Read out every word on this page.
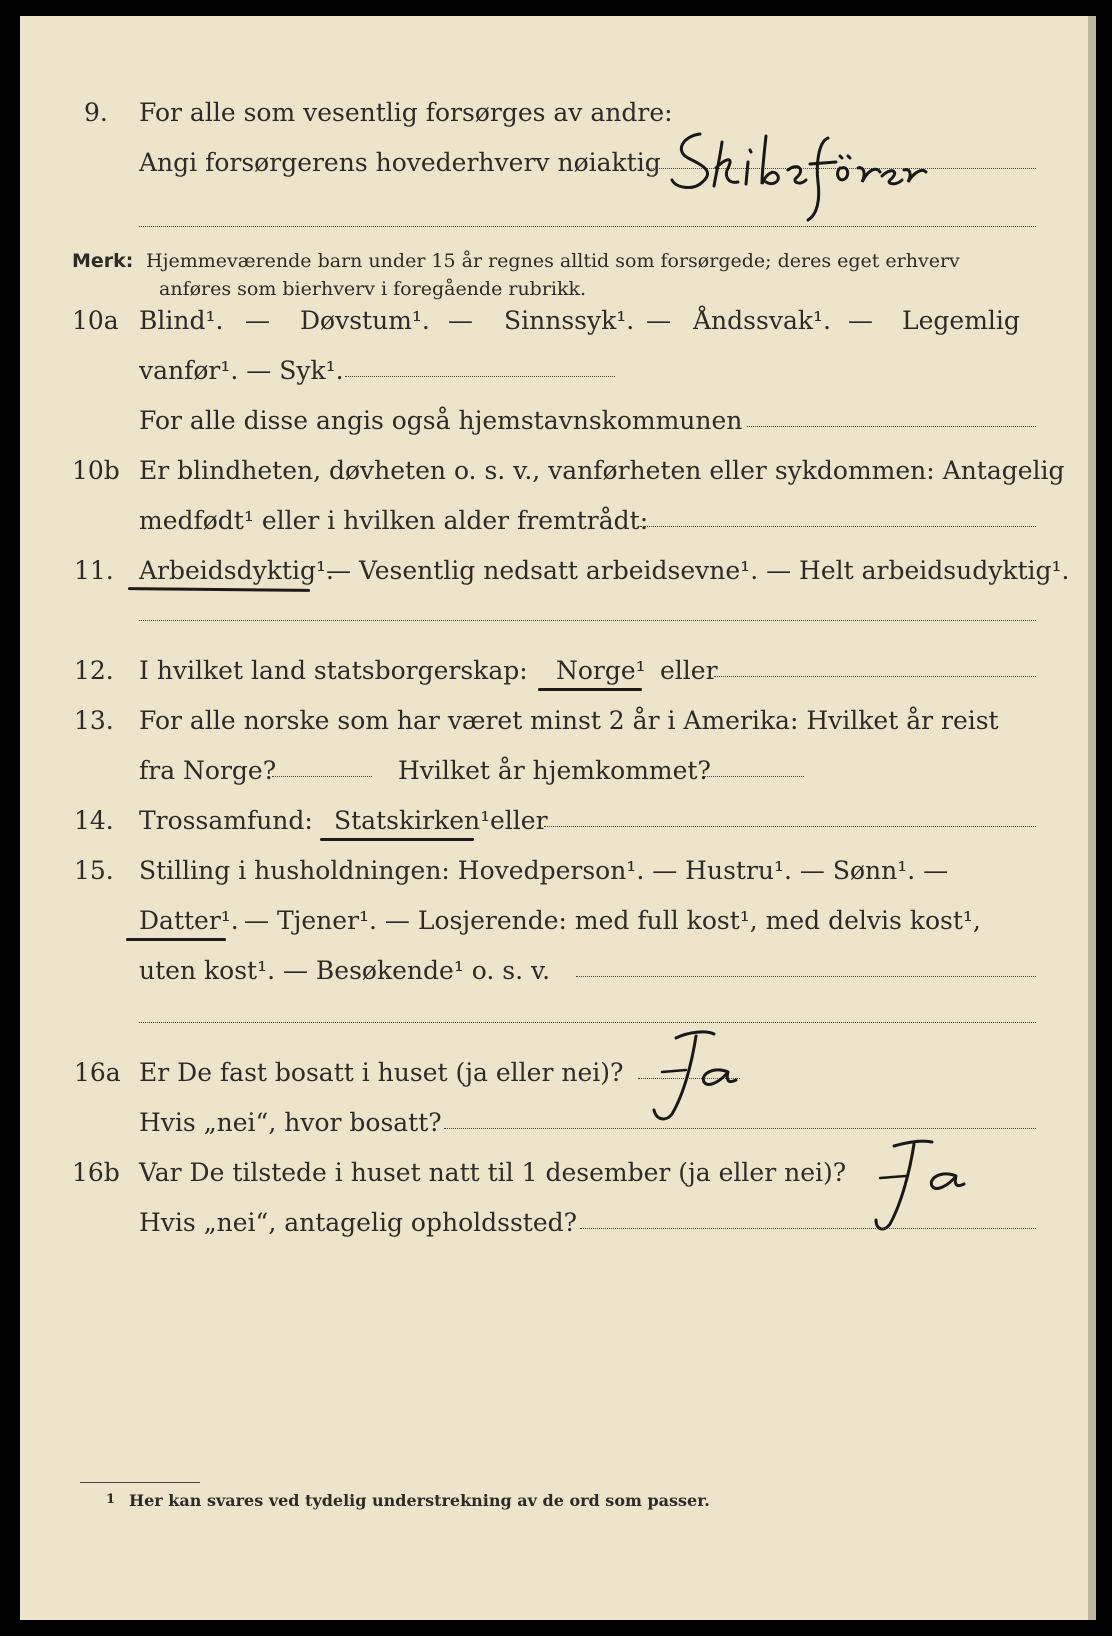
9. For alle som vesentlig forsørges av andre:
Angi forsørgerens hovederhverv nøiaktig
Merk: Hjemmeværende barn under 15 år regnes alltid som forsørgede; deres eget erhverv
anføres som bierhverv i foregående rubrikk.
10a Blind¹. — Døvstum¹. — Sinnssyk¹. — Åndssvak¹. — Legemlig
vanfør¹. — Syk¹.
For alle disse angis også hjemstavnskommunen
10b Er blindheten, døvheten o. s. v., vanførheten eller sykdommen: Antagelig
medfødt¹ eller i hvilken alder fremtrådt:
11. Arbeidsdyktig¹.
— Vesentlig nedsatt arbeidsevne¹. — Helt arbeidsudyktig¹.
12. I hvilket land statsborgerskap: Norge¹ eller
13. For alle norske som har været minst 2 år i Amerika: Hvilket år reist
fra Norge?	Hvilket år hjemkommet?
14. Trossamfund: Statskirken¹ eller
15. Stilling i husholdningen: Hovedperson¹. — Hustru¹. — Sønn¹. —
Datter¹. — Tjener¹. — Losjerende: med full kost¹, med delvis kost¹,
uten kost¹. — Besøkende¹ o. s. v.
16a Er De fast bosatt i huset (ja eller nei)?
Hvis „nei“, hvor bosatt?
16b Var De tilstede i huset natt til 1 desember (ja eller nei)?
Hvis „nei“, antagelig opholdssted?
1 Her kan svares ved tydelig understrekning av de ord som passer.
